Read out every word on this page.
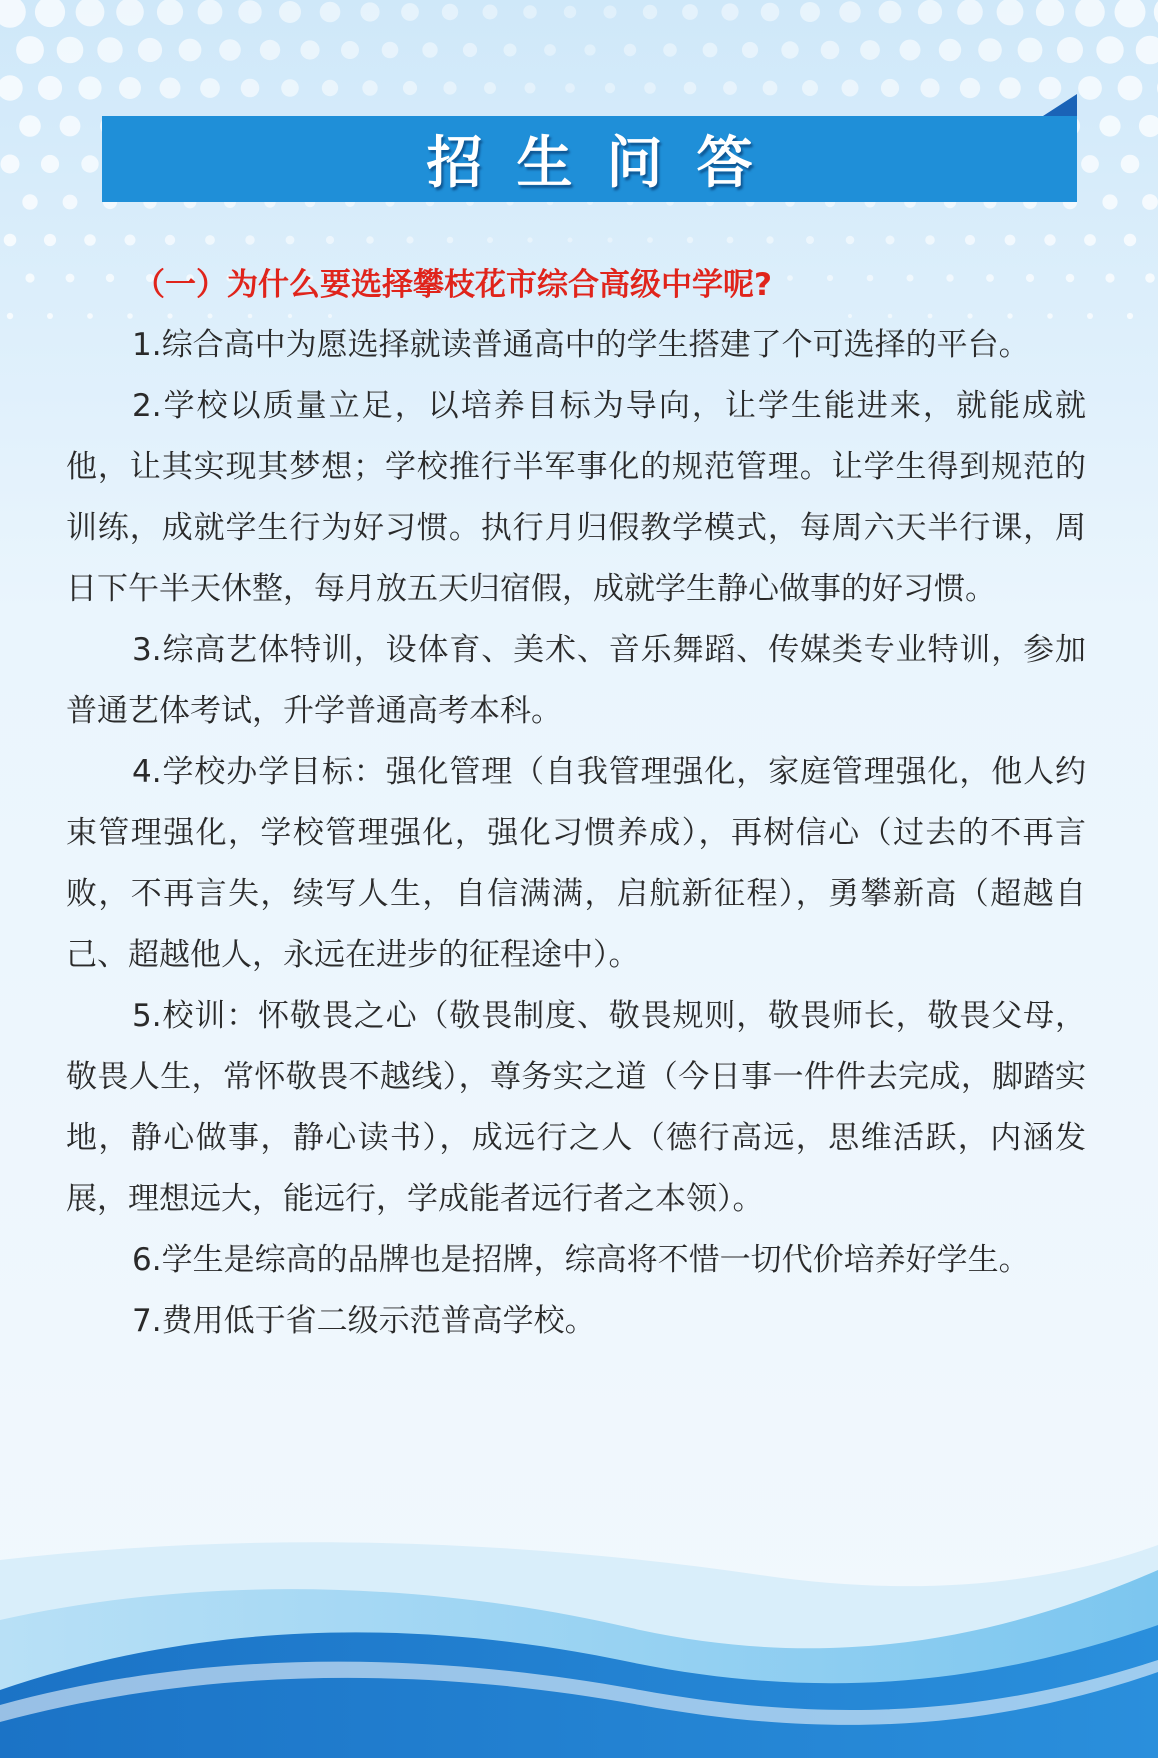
招生问答

（一）为什么要选择攀枝花市综合高级中学呢?

1.综合高中为愿选择就读普通高中的学生搭建了个可选择的平台。

2.学校以质量立足，以培养目标为导向，让学生能进来，就能成就他，让其实现其梦想；学校推行半军事化的规范管理。让学生得到规范的训练，成就学生行为好习惯。执行月归假教学模式，每周六天半行课，周日下午半天休整，每月放五天归宿假，成就学生静心做事的好习惯。

3.综高艺体特训，设体育、美术、音乐舞蹈、传媒类专业特训，参加普通艺体考试，升学普通高考本科。

4.学校办学目标：强化管理（自我管理强化，家庭管理强化，他人约束管理强化，学校管理强化，强化习惯养成），再树信心（过去的不再言败，不再言失，续写人生，自信满满，启航新征程），勇攀新高（超越自己、超越他人，永远在进步的征程途中）。

5.校训：怀敬畏之心（敬畏制度、敬畏规则，敬畏师长，敬畏父母，敬畏人生，常怀敬畏不越线），尊务实之道（今日事一件件去完成，脚踏实地，静心做事，静心读书），成远行之人（德行高远，思维活跃，内涵发展，理想远大，能远行，学成能者远行者之本领）。

6.学生是综高的品牌也是招牌，综高将不惜一切代价培养好学生。

7.费用低于省二级示范普高学校。
